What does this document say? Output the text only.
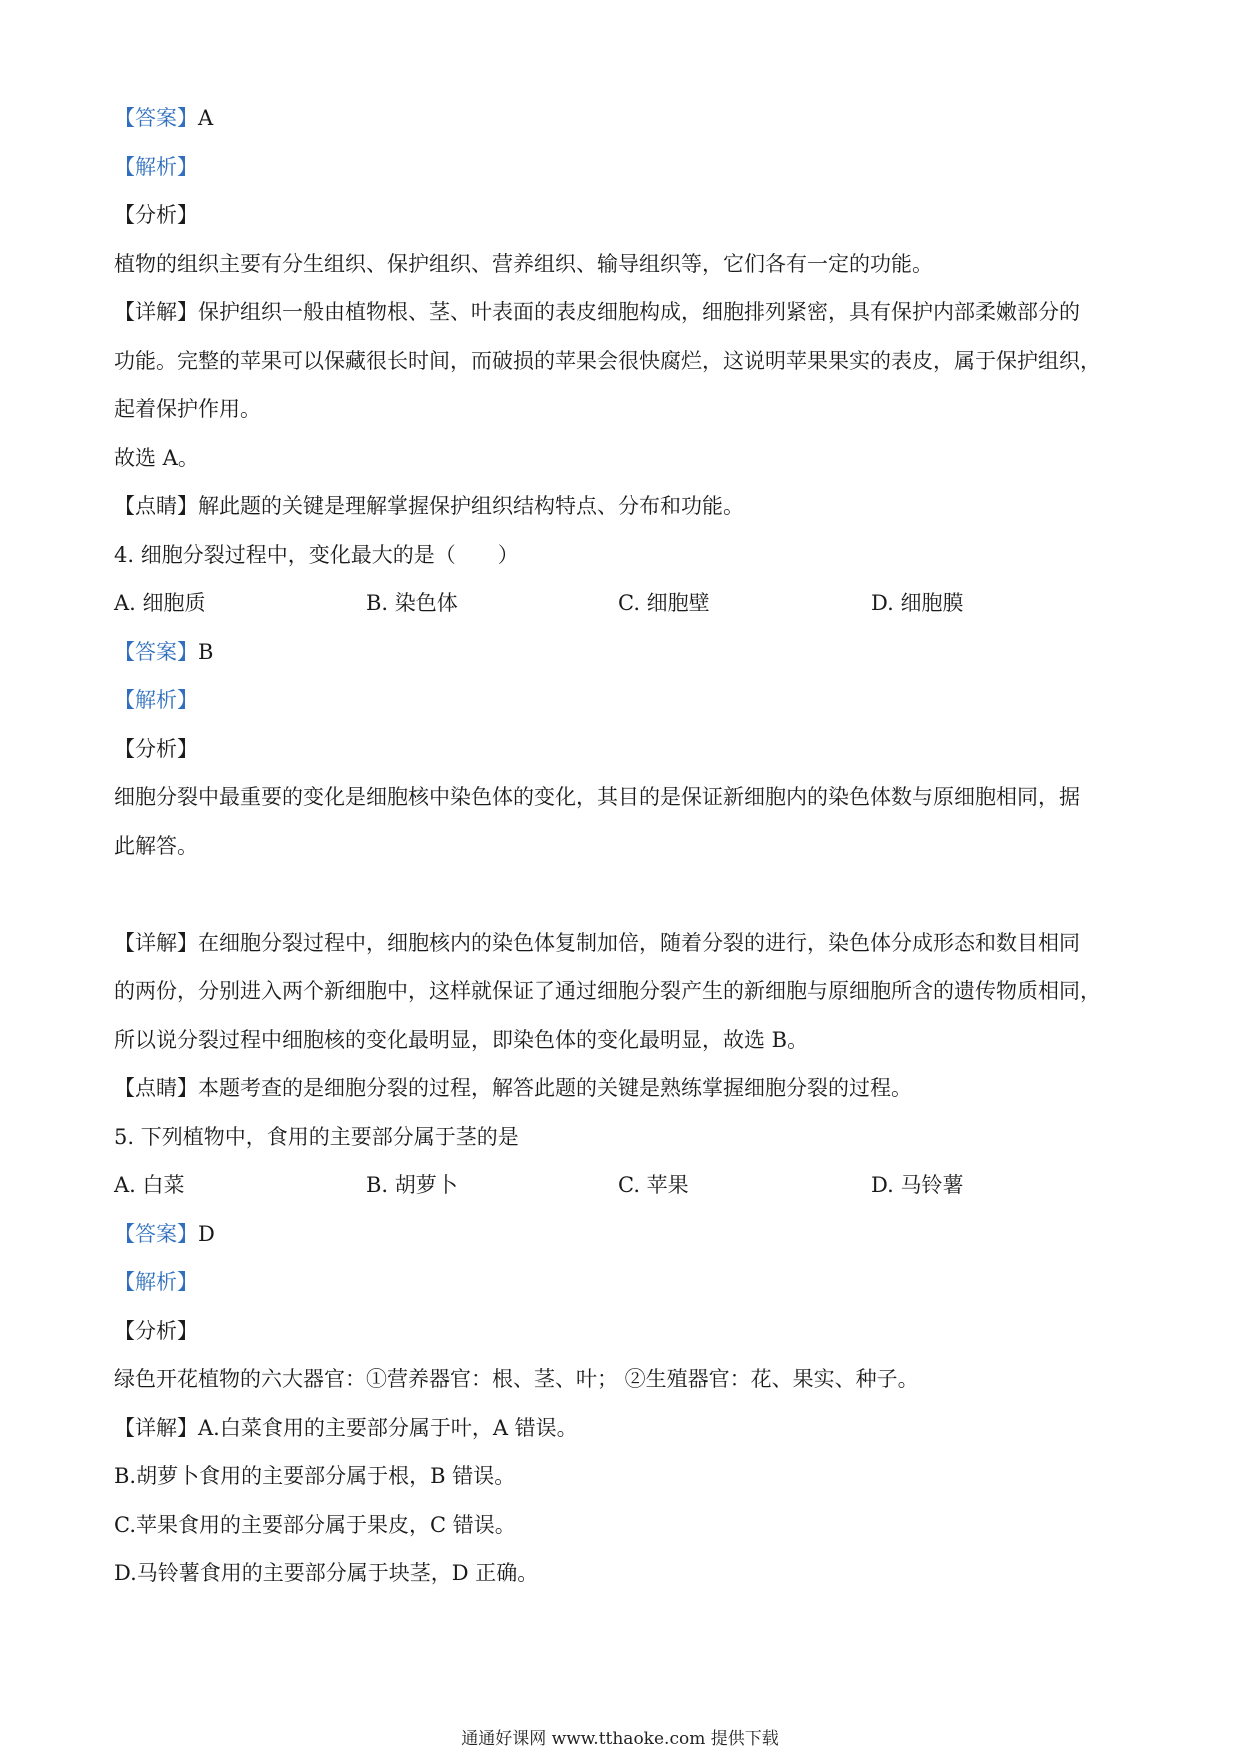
【答案】A
【解析】
【分析】
植物的组织主要有分生组织、保护组织、营养组织、输导组织等，它们各有一定的功能。
【详解】保护组织一般由植物根、茎、叶表面的表皮细胞构成，细胞排列紧密，具有保护内部柔嫩部分的
功能。完整的苹果可以保藏很长时间，而破损的苹果会很快腐烂，这说明苹果果实的表皮，属于保护组织，
起着保护作用。
故选 A。
【点睛】解此题的关键是理解掌握保护组织结构特点、分布和功能。
4. 细胞分裂过程中，变化最大的是（　　）
A. 细胞质	B. 染色体	C. 细胞壁	D. 细胞膜
【答案】B
【解析】
【分析】
细胞分裂中最重要的变化是细胞核中染色体的变化，其目的是保证新细胞内的染色体数与原细胞相同，据
此解答。
【详解】在细胞分裂过程中，细胞核内的染色体复制加倍，随着分裂的进行，染色体分成形态和数目相同
的两份，分别进入两个新细胞中，这样就保证了通过细胞分裂产生的新细胞与原细胞所含的遗传物质相同，
所以说分裂过程中细胞核的变化最明显，即染色体的变化最明显，故选 B。
【点睛】本题考查的是细胞分裂的过程，解答此题的关键是熟练掌握细胞分裂的过程。
5. 下列植物中，食用的主要部分属于茎的是
A. 白菜	B. 胡萝卜	C. 苹果	D. 马铃薯
【答案】D
【解析】
【分析】
绿色开花植物的六大器官：①营养器官：根、茎、叶； ②生殖器官：花、果实、种子。
【详解】A.白菜食用的主要部分属于叶，A 错误。
B.胡萝卜食用的主要部分属于根，B 错误。
C.苹果食用的主要部分属于果皮，C 错误。
D.马铃薯食用的主要部分属于块茎，D 正确。
通通好课网 www.tthaoke.com 提供下载
